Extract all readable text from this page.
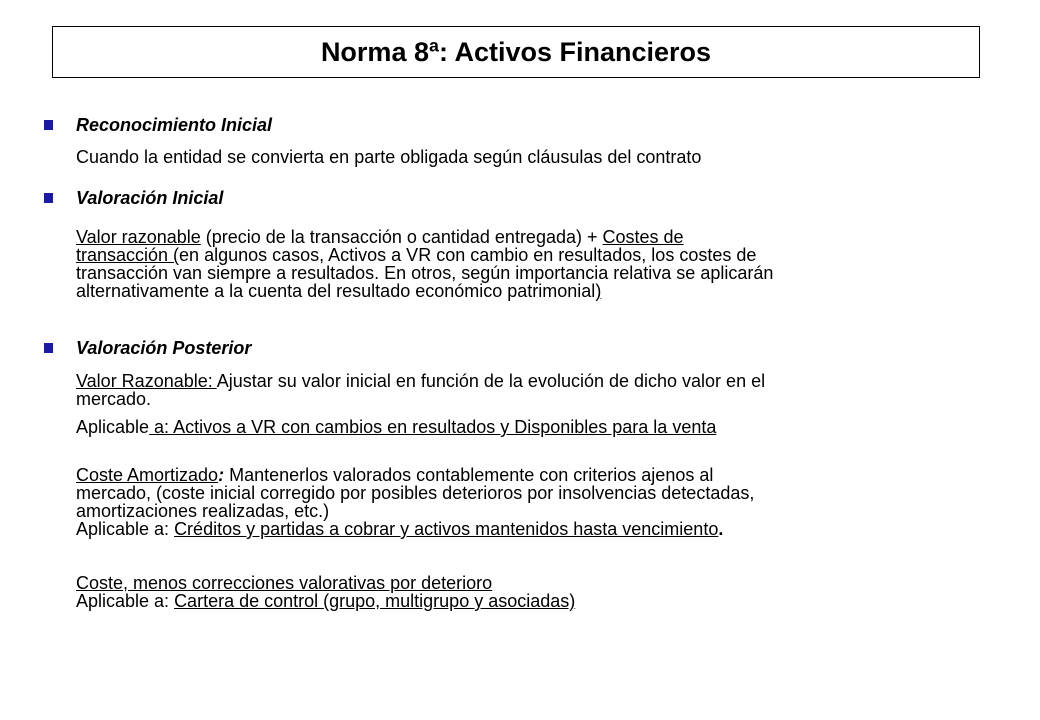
Norma 8ª: Activos Financieros
Reconocimiento Inicial
Cuando la entidad se convierta en parte obligada según cláusulas del contrato
Valoración Inicial
Valor razonable (precio de la transacción o cantidad entregada) + Costes de
transacción (en algunos casos, Activos a VR con cambio en resultados, los costes de
transacción van siempre a resultados. En otros, según importancia relativa se aplicarán
alternativamente a la cuenta del resultado económico patrimonial)
Valoración Posterior
Valor Razonable: Ajustar su valor inicial en función de la evolución de dicho valor en el
mercado.
Aplicable a: Activos a VR con cambios en resultados y Disponibles para la venta
Coste Amortizado: Mantenerlos valorados contablemente con criterios ajenos al
mercado, (coste inicial corregido por posibles deterioros por insolvencias detectadas,
amortizaciones realizadas, etc.)
Aplicable a: Créditos y partidas a cobrar y activos mantenidos hasta vencimiento.
Coste, menos correcciones valorativas por deterioro
Aplicable a: Cartera de control (grupo, multigrupo y asociadas)
